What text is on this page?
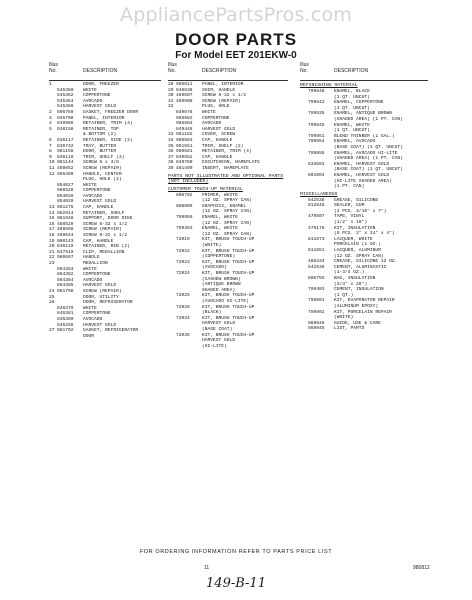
AppliancePartsPros.com
DOOR PARTS
For Model EET 201EKW-0
Illus
No.	DESCRIPTION
1	DOOR, FREEZER
545360	WHITE
545362	COPPERTONE
545364	AVOCADO
545366	HARVEST GOLD
2	896769	GASKET, FREEZER DOOR
3	945708	PANEL, INTERIOR
4	849986	RETAINER, TRIM (4)
5	938158	RETAINER, TOP
& BOTTOM (2)
6	836117	RETAINER, SIDE (2)
7	836742	TRAY, BUTTER
8	981158	DOOR, BUTTER
9	836118	TRIM, SHELF (3)
10 981144	SCREW 6 x 3/8
11 489852	SCREW (REPAIR)
12 986499	HANDLE, CENTER
PLUG, HOLE (2)
854027	WHITE
986528	COPPERTONE
854028	AVOCADO
854029	HARVEST GOLD
13 981275	CAP, HANDLE
14 982914	RETAINER, SHELF
15 981948	SUPPORT, DOOR DIKE
16 488529	SCREW 6-32 x 1/2
17 489588	SCREW (REPAIR)
18 489644	SCREW 8-32 x 1/2
19 980143	CAP, HANDLE
20 836119	RETAINER, RIB (2)
21 847519	CLIP, MEDALLION
22 980607	HANDLE
23	MEDALLION
864383	WHITE
864382	COPPERTONE
864384	AVOCADO
864385	HARVEST GOLD
24 981798	SCREW (REPAIR)
25	DOOR, UTILITY
26	DOOR, REFRIGERATOR
846379	WHITE
846381	COPPERTONE
846380	AVOCADO
846256	HARVEST GOLD
27 981702	GASKET, REFRIGERATOR
DOOR
Illus
No.	DESCRIPTION
28 985611	PANEL, INTERIOR
29 846638	SHIM, HANDLE
30 489607	SCREW 6-32 x 1/2
31 489608	SCREW (REPAIR)
32	PLUG, HOLE
849678	WHITE
985682	COPPERTONE
985683	AVOCADO
849445	HARVEST GOLD
33 981182	COVER, SCREW
34 980583	CAP, HANDLE
35 981551	TRIM, SHELF (2)
36 980581	RETAINER, TRIM (4)
37 849552	CAP, HANDLE
38 849780	ESCUTCHEON, NAMEPLATE
39 481499	INSERT, NAMEPLATE
PARTS NOT ILLUSTRATED AND OPTIONAL PARTS (NOT INCLUDED)
CUSTOMER TOUCH-UP MATERIAL
806702	PRIMER, WHITE
(12 OZ. SPRAY CAN)
806806	GRAPHICS, ENAMEL
(12 OZ. SPRAY CAN)
799959	ENAMEL, WHITE
(12 OZ. SPRAY CAN)
799383	ENAMEL, WHITE
(12 OZ. SPRAY CAN)
72019	KIT, BRUSH TOUCH-UP
(WHITE)
72022	KIT, BRUSH TOUCH-UP
(COPPERTONE)
72023	KIT, BRUSH TOUCH-UP
(AVOCADO)
72024	KIT, BRUSH TOUCH-UP
(CASHEW BROWN)
(ANTIQUE BROWN
SHADED AREA)
72025	KIT, BRUSH TOUCH-UP
(AVOCADO HI-LITE)
72026	KIT, BRUSH TOUCH-UP
(BLACK)
72034	KIT, BRUSH TOUCH-UP
HARVEST GOLD
(BASE COAT)
72035	KIT, BRUSH TOUCH-UP
HARVEST GOLD
(HI-LITE)
Illus
No.	DESCRIPTION
REFINISHING MATERIAL
799848	ENAMEL, BLACK
(1 QT. UNCUT)
799842	ENAMEL, COPPERTONE
(1 QT. UNCUT)
799935	ENAMEL, ANTIQUE BROWN
(SHADED AREA) (1 PT. CAN)
799845	ENAMEL, WHITE
(1 QT. UNCUT)
799851	BLEND THINNER (1 GAL.)
799854	ENAMEL, AVOCADO
(BASE COAT) (1 QT. UNCUT)
799855	ENAMEL, AVOCADO HI-LITE
(SHADED AREA) (1 PT. CAN)
833503	ENAMEL, HARVEST GOLD
(BASE COAT) (1 QT. UNCUT)
801004	ENAMEL, HARVEST GOLD
(HI-LITE SHADED AREA)
(1 PT. CAN)
MISCELLANEOUS
542538	GREASE, SILICONE
812648	SEALER, GUM
(2 PCS. 3/16" x 7")
479507	TAPE, VINYL
(1/2" x 10")
479176	KIT, INSULATION
(5 PCS. 3" x 24" x 4")
811873	LACQUER, WHITE
PORCELAIN (1 OZ.)
811851	LACQUER, ALUMINUM
(12 OZ. SPRAY CAN)
486434	CREASE, SILICONE 12 OZ.
542639	CEMENT, ALUMINASTIC
(1-3/4 OZ.)
606755	BAG, INSULATION
(3/4" x 28")
799403	CEMENT, INSULATION
(1 QT.)
799801	KIT, EVAPORATOR REPAIR
(ALUMINUM EPOXY)
799802	KIT, PORCELAIN REPAIR
(WHITE)
988848	GUIDE, USE & CARE
988945	LIST, PARTS
FOR ORDERING INFORMATION REFER TO PARTS PRICE LIST
11	980812
149-B-11
